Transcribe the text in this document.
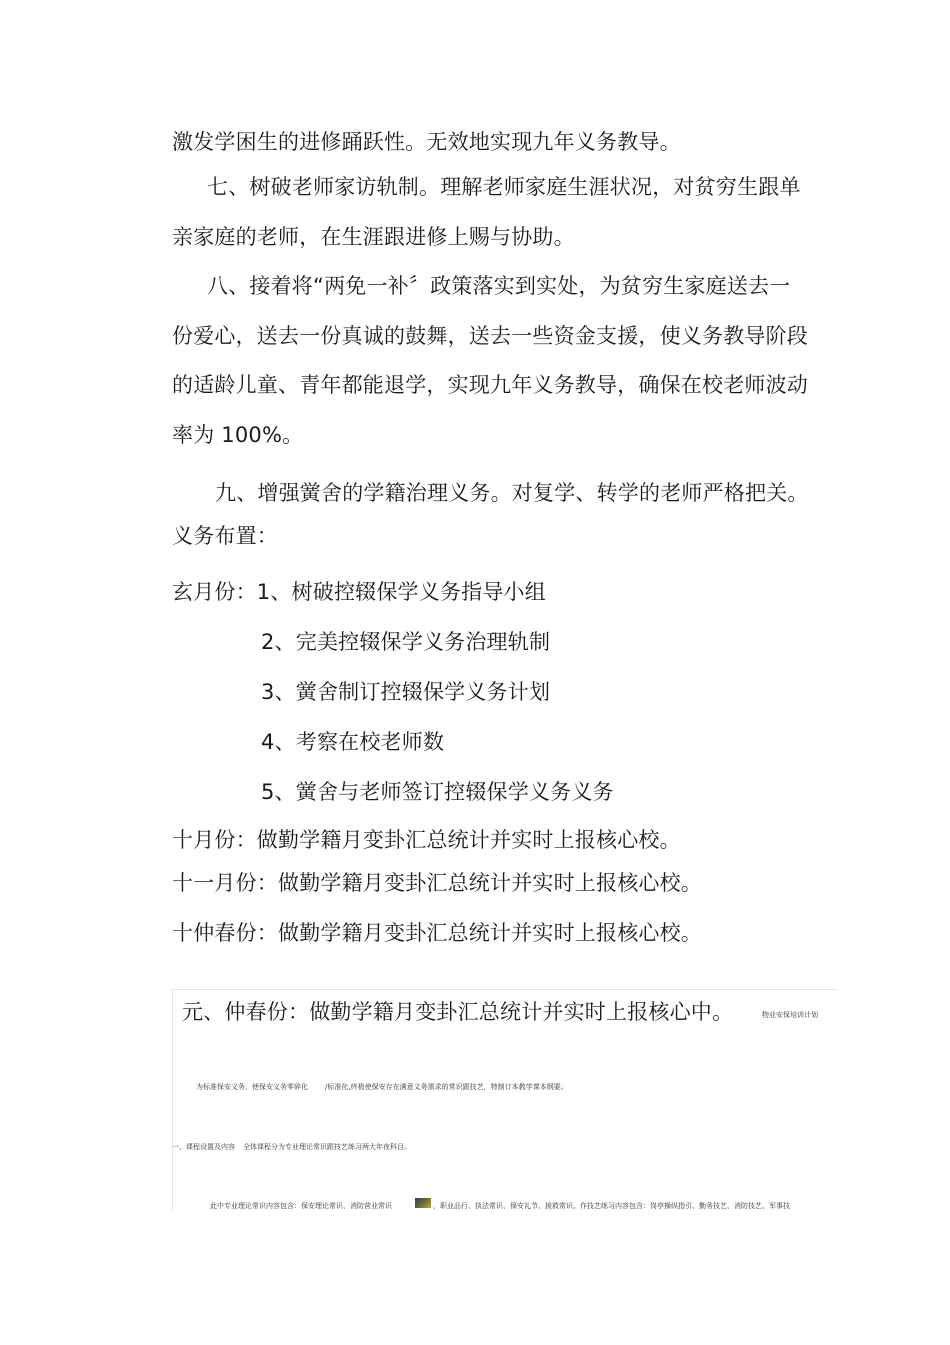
激发学困生的进修踊跃性。无效地实现九年义务教导。
七、树破老师家访轨制。理解老师家庭生涯状况，对贫穷生跟单
亲家庭的老师，在生涯跟进修上赐与协助。
八、接着将“两免一补〞政策落实到实处，为贫穷生家庭送去一
份爱心，送去一份真诚的鼓舞，送去一些资金支援，使义务教导阶段
的适龄儿童、青年都能退学，实现九年义务教导，确保在校老师波动
率为 100%。
九、增强黉舍的学籍治理义务。对复学、转学的老师严格把关。
义务布置：
玄月份：1、树破控辍保学义务指导小组
2、完美控辍保学义务治理轨制
3、黉舍制订控辍保学义务计划
4、考察在校老师数
5、黉舍与老师签订控辍保学义务义务
十月份：做勤学籍月变卦汇总统计并实时上报核心校。
十一月份：做勤学籍月变卦汇总统计并实时上报核心校。
十仲春份：做勤学籍月变卦汇总统计并实时上报核心校。
元、仲春份：做勤学籍月变卦汇总统计并实时上报核心中。	物业安保培训计划
为标准保安义务，使保安义务零碎化 /标准化,终极使保安存在满意义务需求的常识跟技艺，特制订本教学课本纲要。
一、课程设置及内容 全体课程分为专业理论常识跟技艺练习两大年夜科目。
此中专业理论常识内容包含：保安理论常识、消防营业常识	，职业品行、执法常识、保安礼节、援救常识。作技艺练习内容包含：岗亭操纵指引、勤务技艺、消防技艺、军事技
